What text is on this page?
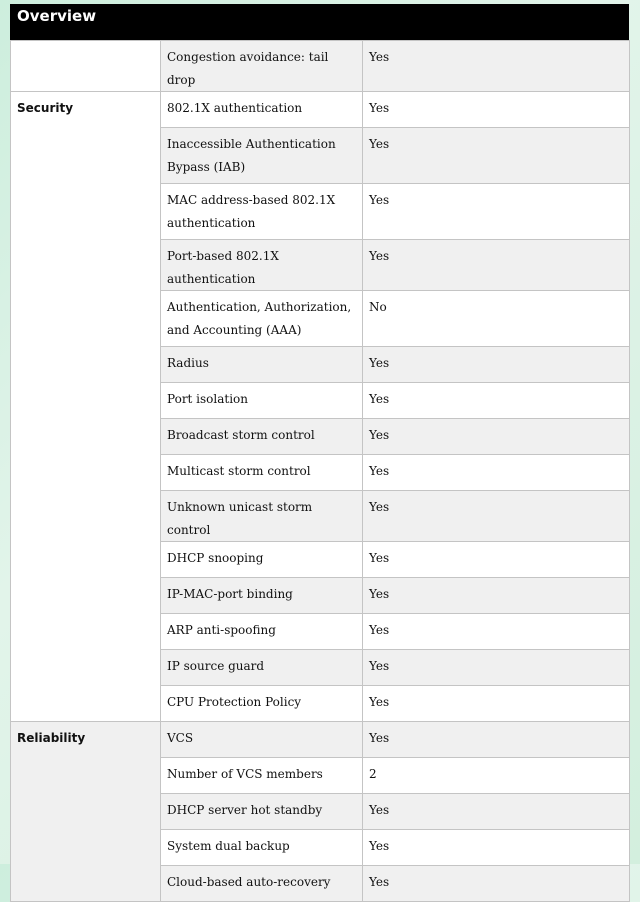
Overview
	Congestion avoidance: tail drop	Yes
Security	802.1X authentication	Yes
	Inaccessible Authentication Bypass (IAB)	Yes
	MAC address-based 802.1X authentication	Yes
	Port-based 802.1X authentication	Yes
	Authentication, Authorization, and Accounting (AAA)	No
	Radius	Yes
	Port isolation	Yes
	Broadcast storm control	Yes
	Multicast storm control	Yes
	Unknown unicast storm control	Yes
	DHCP snooping	Yes
	IP-MAC-port binding	Yes
	ARP anti-spoofing	Yes
	IP source guard	Yes
	CPU Protection Policy	Yes
Reliability	VCS	Yes
	Number of VCS members	2
	DHCP server hot standby	Yes
	System dual backup	Yes
	Cloud-based auto-recovery	Yes
